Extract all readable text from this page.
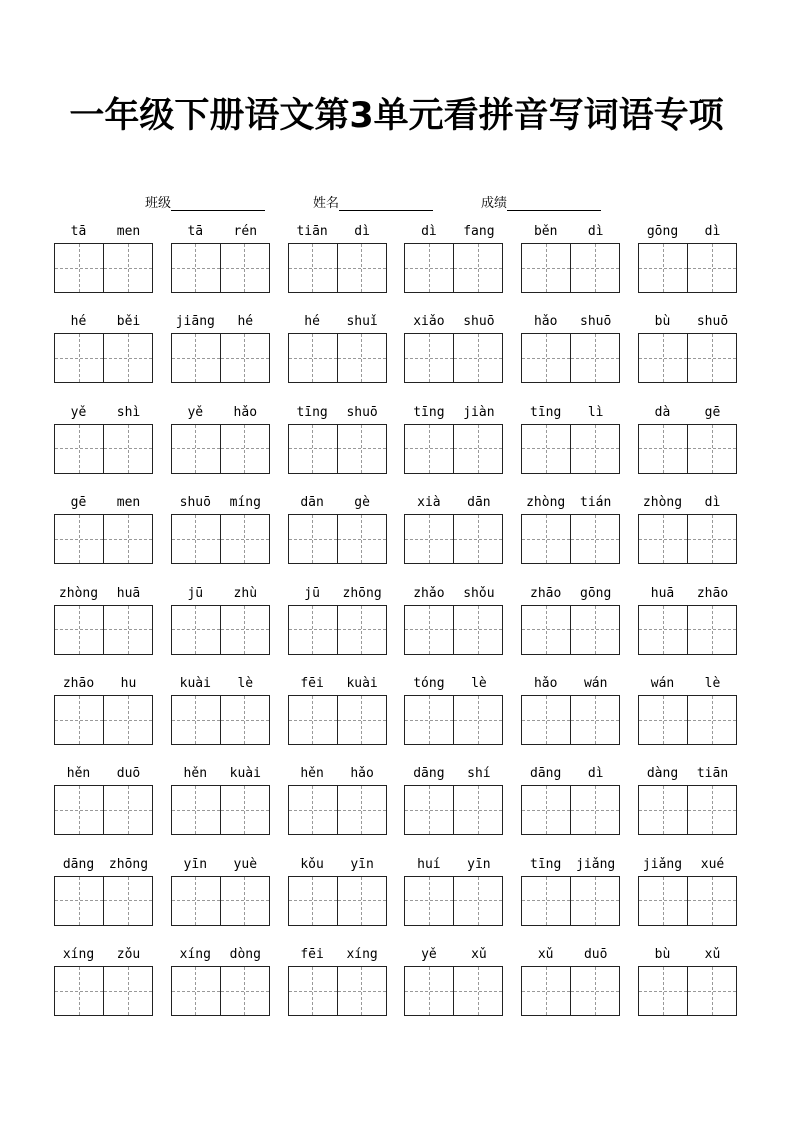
一年级下册语文第3单元看拼音写词语专项
班级	姓名	成绩
tā	men	tā	rén	tiān	dì	dì	fang	běn	dì	gōng	dì
hé	běi	jiāng	hé	hé	shuǐ	xiǎo	shuō	hǎo	shuō	bù	shuō
yě	shì	yě	hǎo	tīng	shuō	tīng	jiàn	tīng	lì	dà	gē
gē	men	shuō	míng	dān	gè	xià	dān	zhòng	tián	zhòng	dì
zhòng	huā	jū	zhù	jū	zhōng	zhǎo	shǒu	zhāo	gōng	huā	zhāo
zhāo	hu	kuài	lè	fēi	kuài	tóng	lè	hǎo	wán	wán	lè
hěn	duō	hěn	kuài	hěn	hǎo	dāng	shí	dāng	dì	dàng	tiān
dāng	zhōng	yīn	yuè	kǒu	yīn	huí	yīn	tīng	jiǎng	jiǎng	xué
xíng	zǒu	xíng	dòng	fēi	xíng	yě	xǔ	xǔ	duō	bù	xǔ
